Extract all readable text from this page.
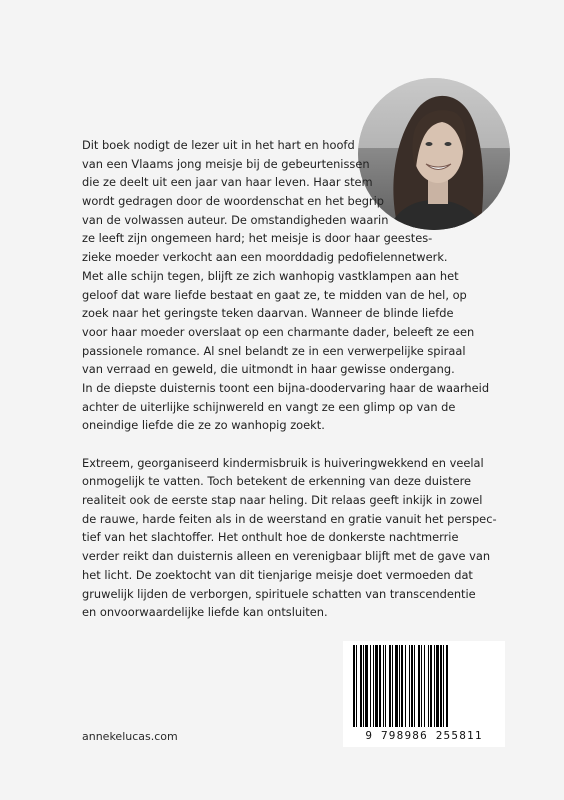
Dit boek nodigt de lezer uit in het hart en hoofd
van een Vlaams jong meisje bij de gebeurtenissen
die ze deelt uit een jaar van haar leven. Haar stem
wordt gedragen door de woordenschat en het begrip
van de volwassen auteur. De omstandigheden waarin
ze leeft zijn ongemeen hard; het meisje is door haar geestes-
zieke moeder verkocht aan een moorddadig pedofielennetwerk.
Met alle schijn tegen, blijft ze zich wanhopig vastklampen aan het
geloof dat ware liefde bestaat en gaat ze, te midden van de hel, op
zoek naar het geringste teken daarvan. Wanneer de blinde liefde
voor haar moeder overslaat op een charmante dader, beleeft ze een
passionele romance. Al snel belandt ze in een verwerpelijke spiraal
van verraad en geweld, die uitmondt in haar gewisse ondergang.
In de diepste duisternis toont een bijna-doodervaring haar de waarheid
achter de uiterlijke schijnwereld en vangt ze een glimp op van de
oneindige liefde die ze zo wanhopig zoekt.
Extreem, georganiseerd kindermisbruik is huiveringwekkend en veelal
onmogelijk te vatten. Toch betekent de erkenning van deze duistere
realiteit ook de eerste stap naar heling. Dit relaas geeft inkijk in zowel
de rauwe, harde feiten als in de weerstand en gratie vanuit het perspec-
tief van het slachtoffer. Het onthult hoe de donkerste nachtmerrie
verder reikt dan duisternis alleen en verenigbaar blijft met de gave van
het licht. De zoektocht van dit tienjarige meisje doet vermoeden dat
gruwelijk lijden de verborgen, spirituele schatten van transcendentie
en onvoorwaardelijke liefde kan ontsluiten.
annekelucas.com	9 798986 255811
